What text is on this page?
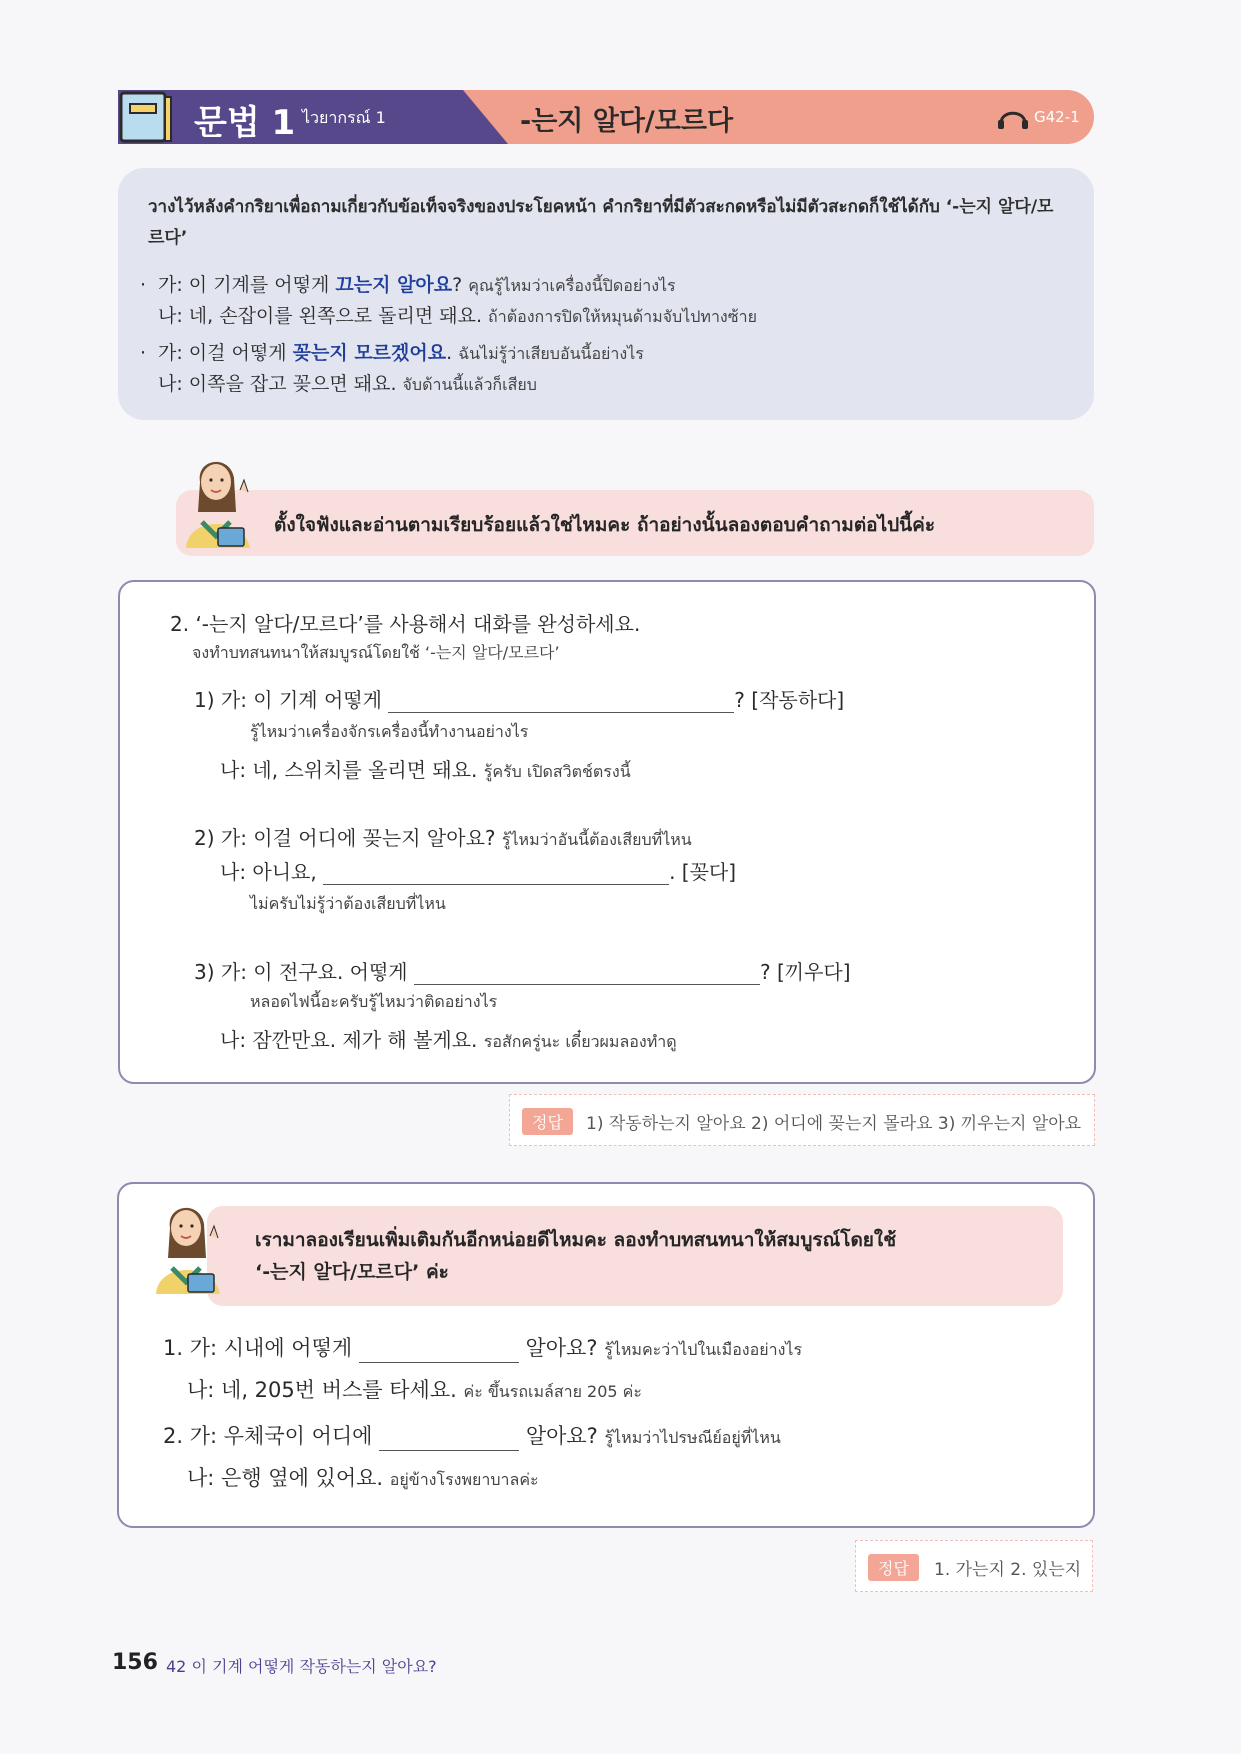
문법 1 ไวยากรณ์ 1	-는지 알다/모르다	G42-1
วางไว้หลังคำกริยาเพื่อถามเกี่ยวกับข้อเท็จจริงของประโยคหน้า คำกริยาที่มีตัวสะกดหรือไม่มีตัวสะกดก็ใช้ได้กับ ‘-는지 알다/모르다’
· 가: 이 기계를 어떻게 끄는지 알아요? คุณรู้ไหมว่าเครื่องนี้ปิดอย่างไร
나: 네, 손잡이를 왼쪽으로 돌리면 돼요. ถ้าต้องการปิดให้หมุนด้ามจับไปทางซ้าย
· 가: 이걸 어떻게 꽂는지 모르겠어요. ฉันไม่รู้ว่าเสียบอันนี้อย่างไร
나: 이쪽을 잡고 꽂으면 돼요. จับด้านนี้แล้วก็เสียบ
ตั้งใจฟังและอ่านตามเรียบร้อยแล้วใช่ไหมคะ ถ้าอย่างนั้นลองตอบคำถามต่อไปนี้ค่ะ
2. ‘-는지 알다/모르다’를 사용해서 대화를 완성하세요.
จงทำบทสนทนาให้สมบูรณ์โดยใช้ ‘-는지 알다/모르다’
1) 가: 이 기계 어떻게	? [작동하다]
รู้ไหมว่าเครื่องจักรเครื่องนี้ทำงานอย่างไร
나: 네, 스위치를 올리면 돼요. รู้ครับ เปิดสวิตช์ตรงนี้
2) 가: 이걸 어디에 꽂는지 알아요? รู้ไหมว่าอันนี้ต้องเสียบที่ไหน
나: 아니요,	. [꽂다]
ไม่ครับไม่รู้ว่าต้องเสียบที่ไหน
3) 가: 이 전구요. 어떻게	? [끼우다]
หลอดไฟนี้อะครับรู้ไหมว่าติดอย่างไร
나: 잠깐만요. 제가 해 볼게요. รอสักครู่นะ เดี๋ยวผมลองทำดู
정답	1) 작동하는지 알아요 2) 어디에 꽂는지 몰라요 3) 끼우는지 알아요
เรามาลองเรียนเพิ่มเติมกันอีกหน่อยดีไหมคะ ลองทำบทสนทนาให้สมบูรณ์โดยใช้
‘-는지 알다/모르다’ ค่ะ
1. 가: 시내에 어떻게	알아요? รู้ไหมคะว่าไปในเมืองอย่างไร
나: 네, 205번 버스를 타세요. ค่ะ ขึ้นรถเมล์สาย 205 ค่ะ
2. 가: 우체국이 어디에	알아요? รู้ไหมว่าไปรษณีย์อยู่ที่ไหน
나: 은행 옆에 있어요. อยู่ข้างโรงพยาบาลค่ะ
정답	1. 가는지 2. 있는지
156 42 이 기계 어떻게 작동하는지 알아요?
